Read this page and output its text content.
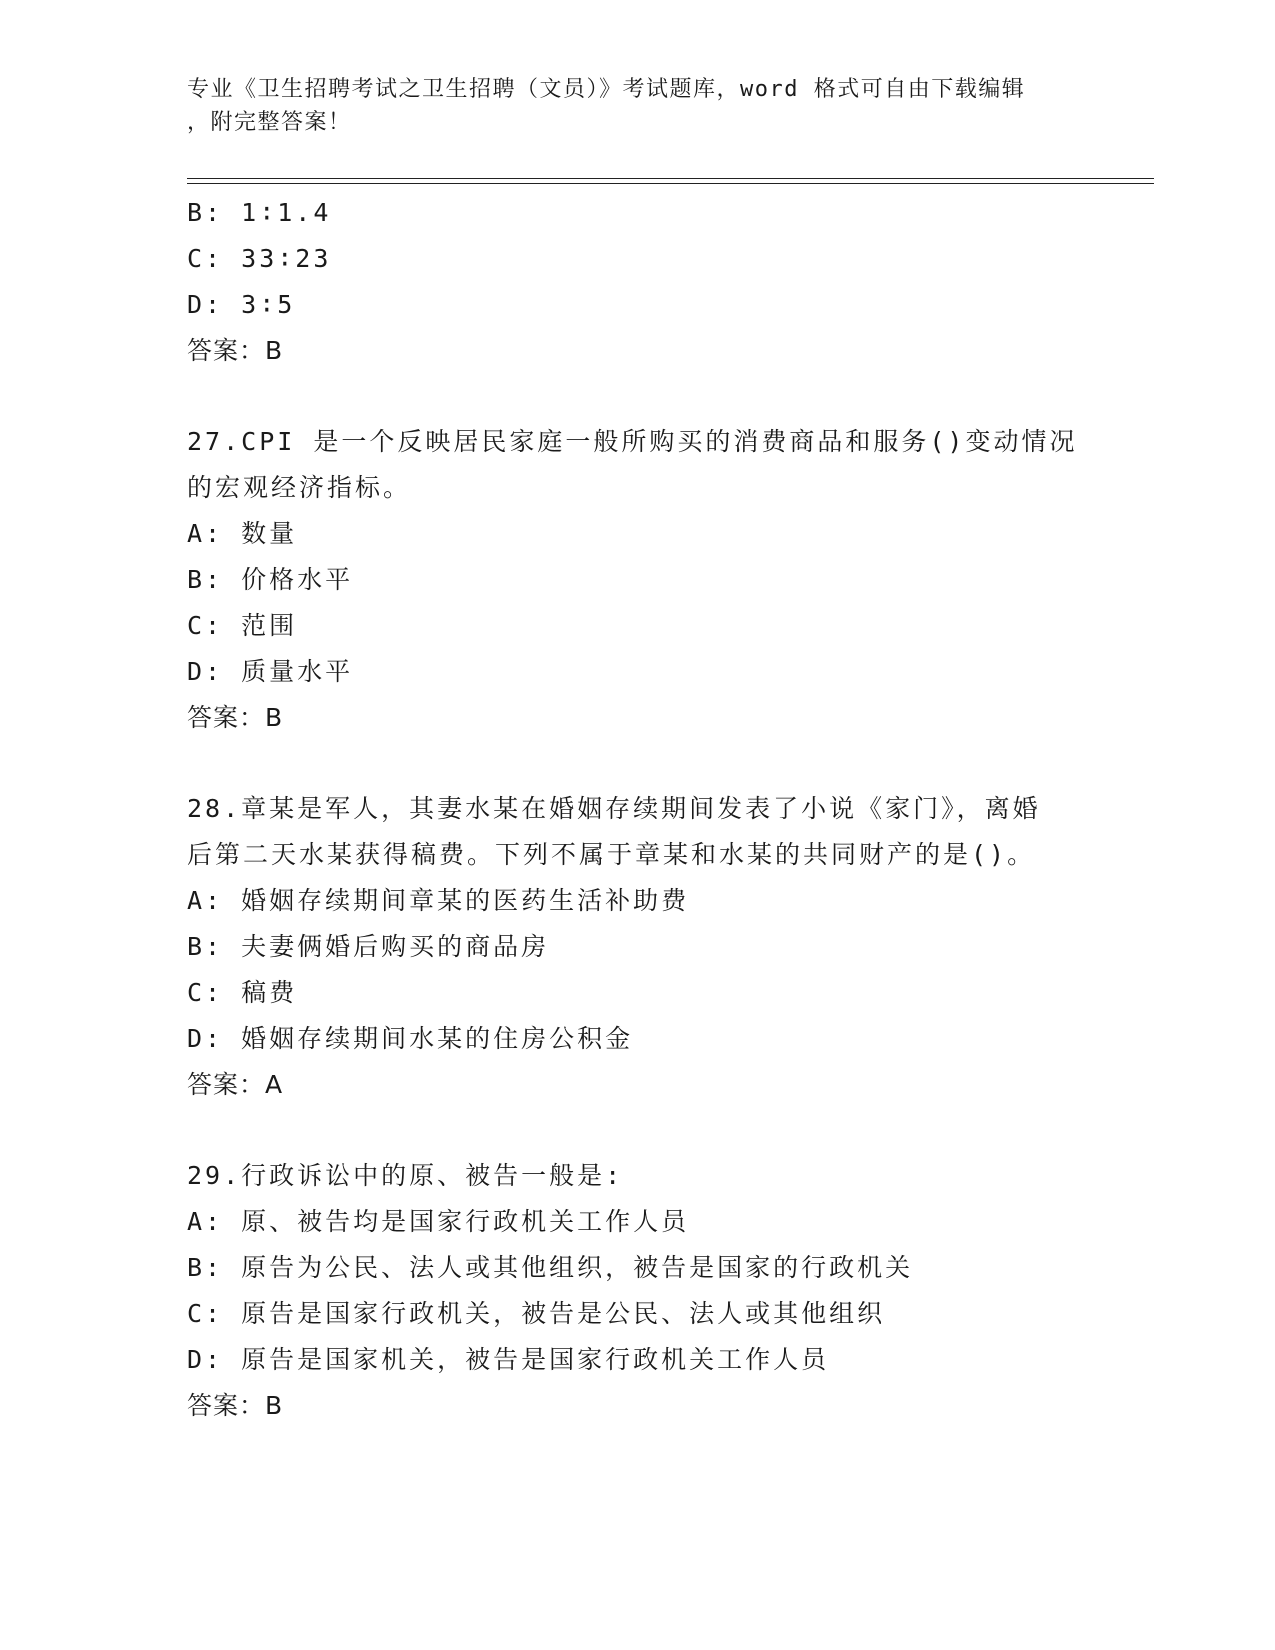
专业《卫生招聘考试之卫生招聘（文员）》考试题库，word 格式可自由下载编辑
，附完整答案！
B: 1∶1.4
C: 33∶23
D: 3∶5
答案：B
27.CPI 是一个反映居民家庭一般所购买的消费商品和服务()变动情况
的宏观经济指标。
A: 数量
B: 价格水平
C: 范围
D: 质量水平
答案：B
28.章某是军人，其妻水某在婚姻存续期间发表了小说《家门》，离婚
后第二天水某获得稿费。下列不属于章某和水某的共同财产的是()。
A: 婚姻存续期间章某的医药生活补助费
B: 夫妻俩婚后购买的商品房
C: 稿费
D: 婚姻存续期间水某的住房公积金
答案：A
29.行政诉讼中的原、被告一般是:
A: 原、被告均是国家行政机关工作人员
B: 原告为公民、法人或其他组织，被告是国家的行政机关
C: 原告是国家行政机关，被告是公民、法人或其他组织
D: 原告是国家机关，被告是国家行政机关工作人员
答案：B
